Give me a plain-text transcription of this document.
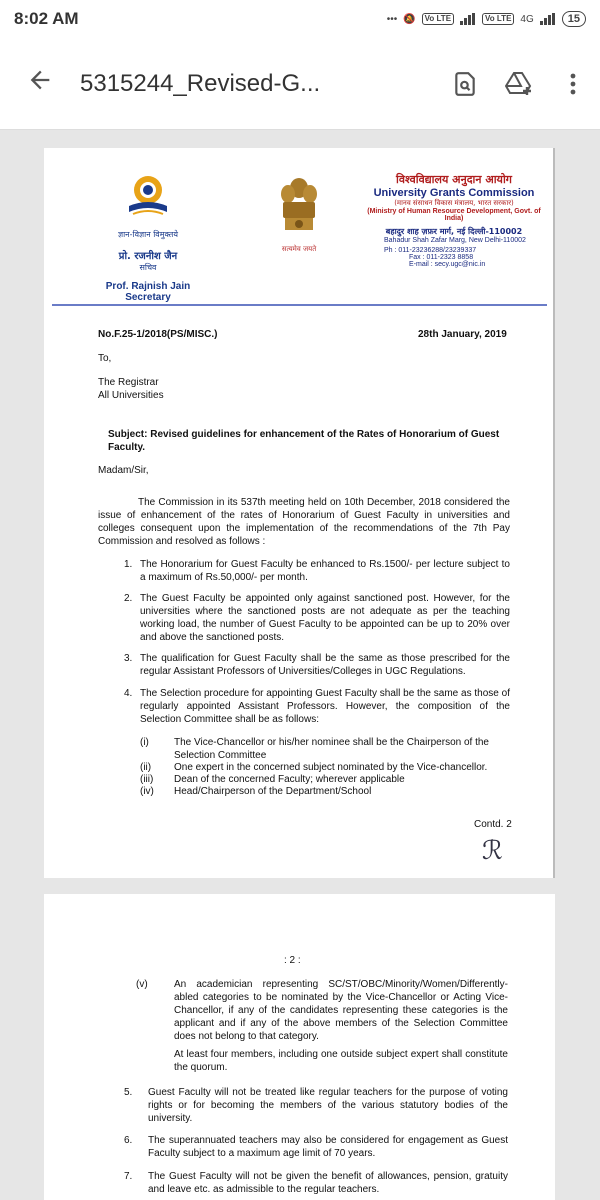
8:02 AM	••• 🔕	Vo LTE	Vo LTE 4G	15
5315244_Revised-G...
ज्ञान-विज्ञान विमुक्तये
प्रो. रजनीश जैन
सचिव
Prof. Rajnish Jain
Secretary
सत्यमेव जयते
विश्वविद्यालय अनुदान आयोग
University Grants Commission
(मानव संसाधन विकास मंत्रालय, भारत सरकार)
(Ministry of Human Resource Development, Govt. of India)
बहादुर शाह ज़फ़र मार्ग, नई दिल्ली-110002
Bahadur Shah Zafar Marg, New Delhi-110002
Ph : 011-23236288/23239337
Fax : 011-2323 8858
E-mail : secy.ugc@nic.in
No.F.25-1/2018(PS/MISC.)	28th January, 2019
To,
The Registrar
All Universities
Subject: Revised guidelines for enhancement of the Rates of Honorarium of Guest Faculty.
Madam/Sir,
The Commission in its 537th meeting held on 10th December, 2018 considered the issue of enhancement of the rates of Honorarium of Guest Faculty in universities and colleges consequent upon the implementation of the recommendations of the 7th Pay Commission and resolved as follows :
1. The Honorarium for Guest Faculty be enhanced to Rs.1500/- per lecture subject to a maximum of Rs.50,000/- per month.
2. The Guest Faculty be appointed only against sanctioned post. However, for the universities where the sanctioned posts are not adequate as per the teaching working load, the number of Guest Faculty to be appointed can be up to 20% over and above the sanctioned posts.
3. The qualification for Guest Faculty shall be the same as those prescribed for the regular Assistant Professors of Universities/Colleges in UGC Regulations.
4. The Selection procedure for appointing Guest Faculty shall be the same as those of regularly appointed Assistant Professors. However, the composition of the Selection Committee shall be as follows:
(i)	The Vice-Chancellor or his/her nominee shall be the Chairperson of the Selection Committee
(ii) One expert in the concerned subject nominated by the Vice-chancellor.
(iii) Dean of the concerned Faculty; wherever applicable
(iv) Head/Chairperson of the Department/School
Contd. 2
ℛ
: 2 :
(v)	An academician representing SC/ST/OBC/Minority/Women/Differently-abled categories to be nominated by the Vice-Chancellor or Acting Vice-Chancellor, if any of the candidates representing these categories is the applicant and if any of the above members of the Selection Committee does not belong to that category.
At least four members, including one outside subject expert shall constitute the quorum.
5. Guest Faculty will not be treated like regular teachers for the purpose of voting rights or for becoming the members of the various statutory bodies of the university.
6. The superannuated teachers may also be considered for engagement as Guest Faculty subject to a maximum age limit of 70 years.
7. The Guest Faculty will not be given the benefit of allowances, pension, gratuity and leave etc. as admissible to the regular teachers.
